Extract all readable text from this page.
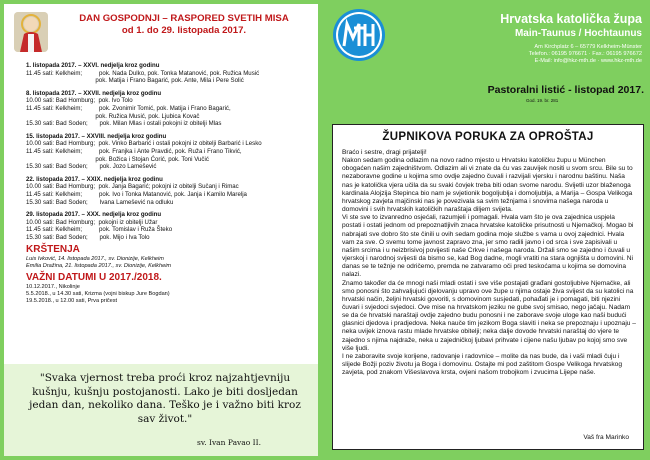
DAN GOSPODNJI – RASPORED SVETIH MISA
od 1. do 29. listopada 2017.
1. listopada 2017. – XXVI. nedjelja kroz godinu
11.45 sati: Kelkheim;          pok. Nada Dulko, pok. Tonka Matanović, pok. Ružica Musić
pok. Matija i Frano Bagarić, pok. Ante, Mila i Pere Solić
8. listopada 2017. – XXVII. nedjelja kroz godinu
10.00 sati: Bad Homburg;  pok. Ivo Tolo
11.45 sati: Kelkheim;          pok. Zvonimir Tomić, pok. Matija i Frano Bagarić,
pok. Ružica Musić, pok. Ljubica Kovač
15.30 sati: Bad Soden;       pok. Milan Mlas i ostali pokojni iz obitelji Mlas
15. listopada 2017. – XXVIII. nedjelja kroz godinu
10.00 sati: Bad Homburg;  pok. Vinko Barbarić i ostali pokojni iz obitelji Barbarić i Lesko
11.45 sati: Kelkheim;          pok. Franjka i Ante Pravdić, pok. Ruža i Frano Tikvić,
pok. Božica i Stojan Ćorić, pok. Toni Vučić
15.30 sati: Bad Soden;       pok. Jozo Lamešević
22. listopada 2017. – XXIX. nedjelja kroz godinu
10.00 sati: Bad Homburg;  pok. Janja Bagarić; pokojni iz obitelji Sučanj i Rimac
11.45 sati: Kelkheim;          pok. Ivo i Tonka Matanović, pok. Janja i Kamilo Marelja
15.30 sati: Bad Soden;       Ivana Lamešević na odluku
29. listopada 2017. – XXX. nedjelja kroz godinu
10.00 sati: Bad Homburg;  pokojni iz obitelji Užar
11.45 sati: Kelkheim;          pok. Tomislav i Ruža Šteko
15.30 sati: Bad Soden;       pok. Mijo i Iva Tolo
KRŠTENJA
Luis Ivković, 14. listopada 2017., sv. Dionizije, Kelkheim
Emilia Dražina, 21. listopada 2017., sv. Dionizije, Kelkheim
VAŽNI DATUMI U 2017./2018.
10.12.2017., Nikolinje
5.5.2018., u 14.30 sati, Krizma (vojni biskup Jure Bogdan)
19.5.2018., u 12.00 sati, Prva pričest
"Svaka vjernost treba proći kroz najzahtjevniju kušnju, kušnju postojanosti. Lako je biti dosljedan jedan dan, nekoliko dana. Teško je i važno biti kroz sav život."
sv. Ivan Pavao II.
Hrvatska katolička župa
Main-Taunus / Hochtaunus
Am Kirchplatz 6 – 65779 Kelkheim-Münster
Telefon.: 06195 976671 · Fax.: 06195 976672
E-Mail: info@hkz-mth.de · www.hkz-mth.de
Pastoralni listić - listopad 2017.
God. 19. br. 281
ŽUPNIKOVA PORUKA ZA OPROŠTAJ

Braćo i sestre, dragi prijatelji!

Nakon sedam godina odlazim na novo radno mjesto u Hrvatsku katoličku župu u München obogaćen našim zajedništvom. Odlazim ali vi znate da ću vas zauvijek nositi u svom srcu. Bile su to nezaboravne godine u kojima smo ovdje zajedno čuvali i razvijali vjersku i narodnu baštinu. Naša nas je katolička vjera učila da su svaki čovjek treba biti odan svome narodu. Svijetli uzor blaženoga kardinala Alojzija Stepinca bio nam je svjetionik bogoljublja i domoljublja, a Marija – Gospa Velikoga hrvatskog zavjeta majčinski nas je povezivala sa svim težnjama i snovima našega naroda u domovini i svih hrvatskih katoličkih naraštaja diljem svijeta.

Vi ste sve to izvanredno osjećali, razumjeli i pomagali. Hvala vam što je ova zajednica uspjela postati i ostati jednom od prepoznatljivih znaca hrvatske katoličke prisutnosti u Njemačkoj. Mogao bi nabrajati sve dobro što ste činili u ovih sedam godina moje službe s vama u ovoj zajednici. Hvala vam za sve. O svemu tome javnost zapravo zna, jer smo radili javno i od srca i sve zapisivali u našim srcima i u neizbrisivoj povijesti naše Crkve i našega naroda. Držali smo se zajedno i čuvali u vjerskoj i narodnoj svijesti da bismo se, kad Bog dadne, mogli vratiti na stara ognjišta u domovini. Ni danas se te težnje ne odričemo, premda ne zatvaramo oči pred teskoćama u kojima se domovina nalazi.

Znamo također da će mnogi naši mladi ostati i sve više postajati građani gostoljubive Njemačke, ali smo ponosni što zahvaljujući djelovanju upravo ove župe u njima ostaje živa svijest da su katolici na hrvatski način, željni hrvatski govoriti, s domovinom susjedati, pohađati je i pomagati, biti njezini čuvari i svjedoci svjedoci. Ove mise na hrvatskom jeziku ne gube svoj smisao, nego jačaju. Nadam se da će hrvatski naraštaji ovdje zajedno budu ponosni i ne zaborave svoje uloge kao naši budući glasnici djedova i pradjedova. Neka nauče tim jezikom Boga slaviti i neka se prepoznaju i upoznaju – neka uvijek iznova rastu mlade hrvatske obitelji; neka dalje dovode hrvatski naraštaj do vjere te zajedno s njima najdraže, neka u zajedničkoj ljubavi prihvate i cijene našu ljubav po kojoj smo sve više ljudi.

I ne zaboravite svoje korijene, radovanje i radovnice – molite da nas bude, da i vaši mladi čuju i slijede Božji poziv životu ja Boga i domovinu. Ostajte mi pod zaštitom Gospe Velikoga hrvatskog zavjeta, pod znakom Višeslavova krsta, ovjeni našom trobojkom i zvucima Lijepe naše.

Vaš fra Marinko
